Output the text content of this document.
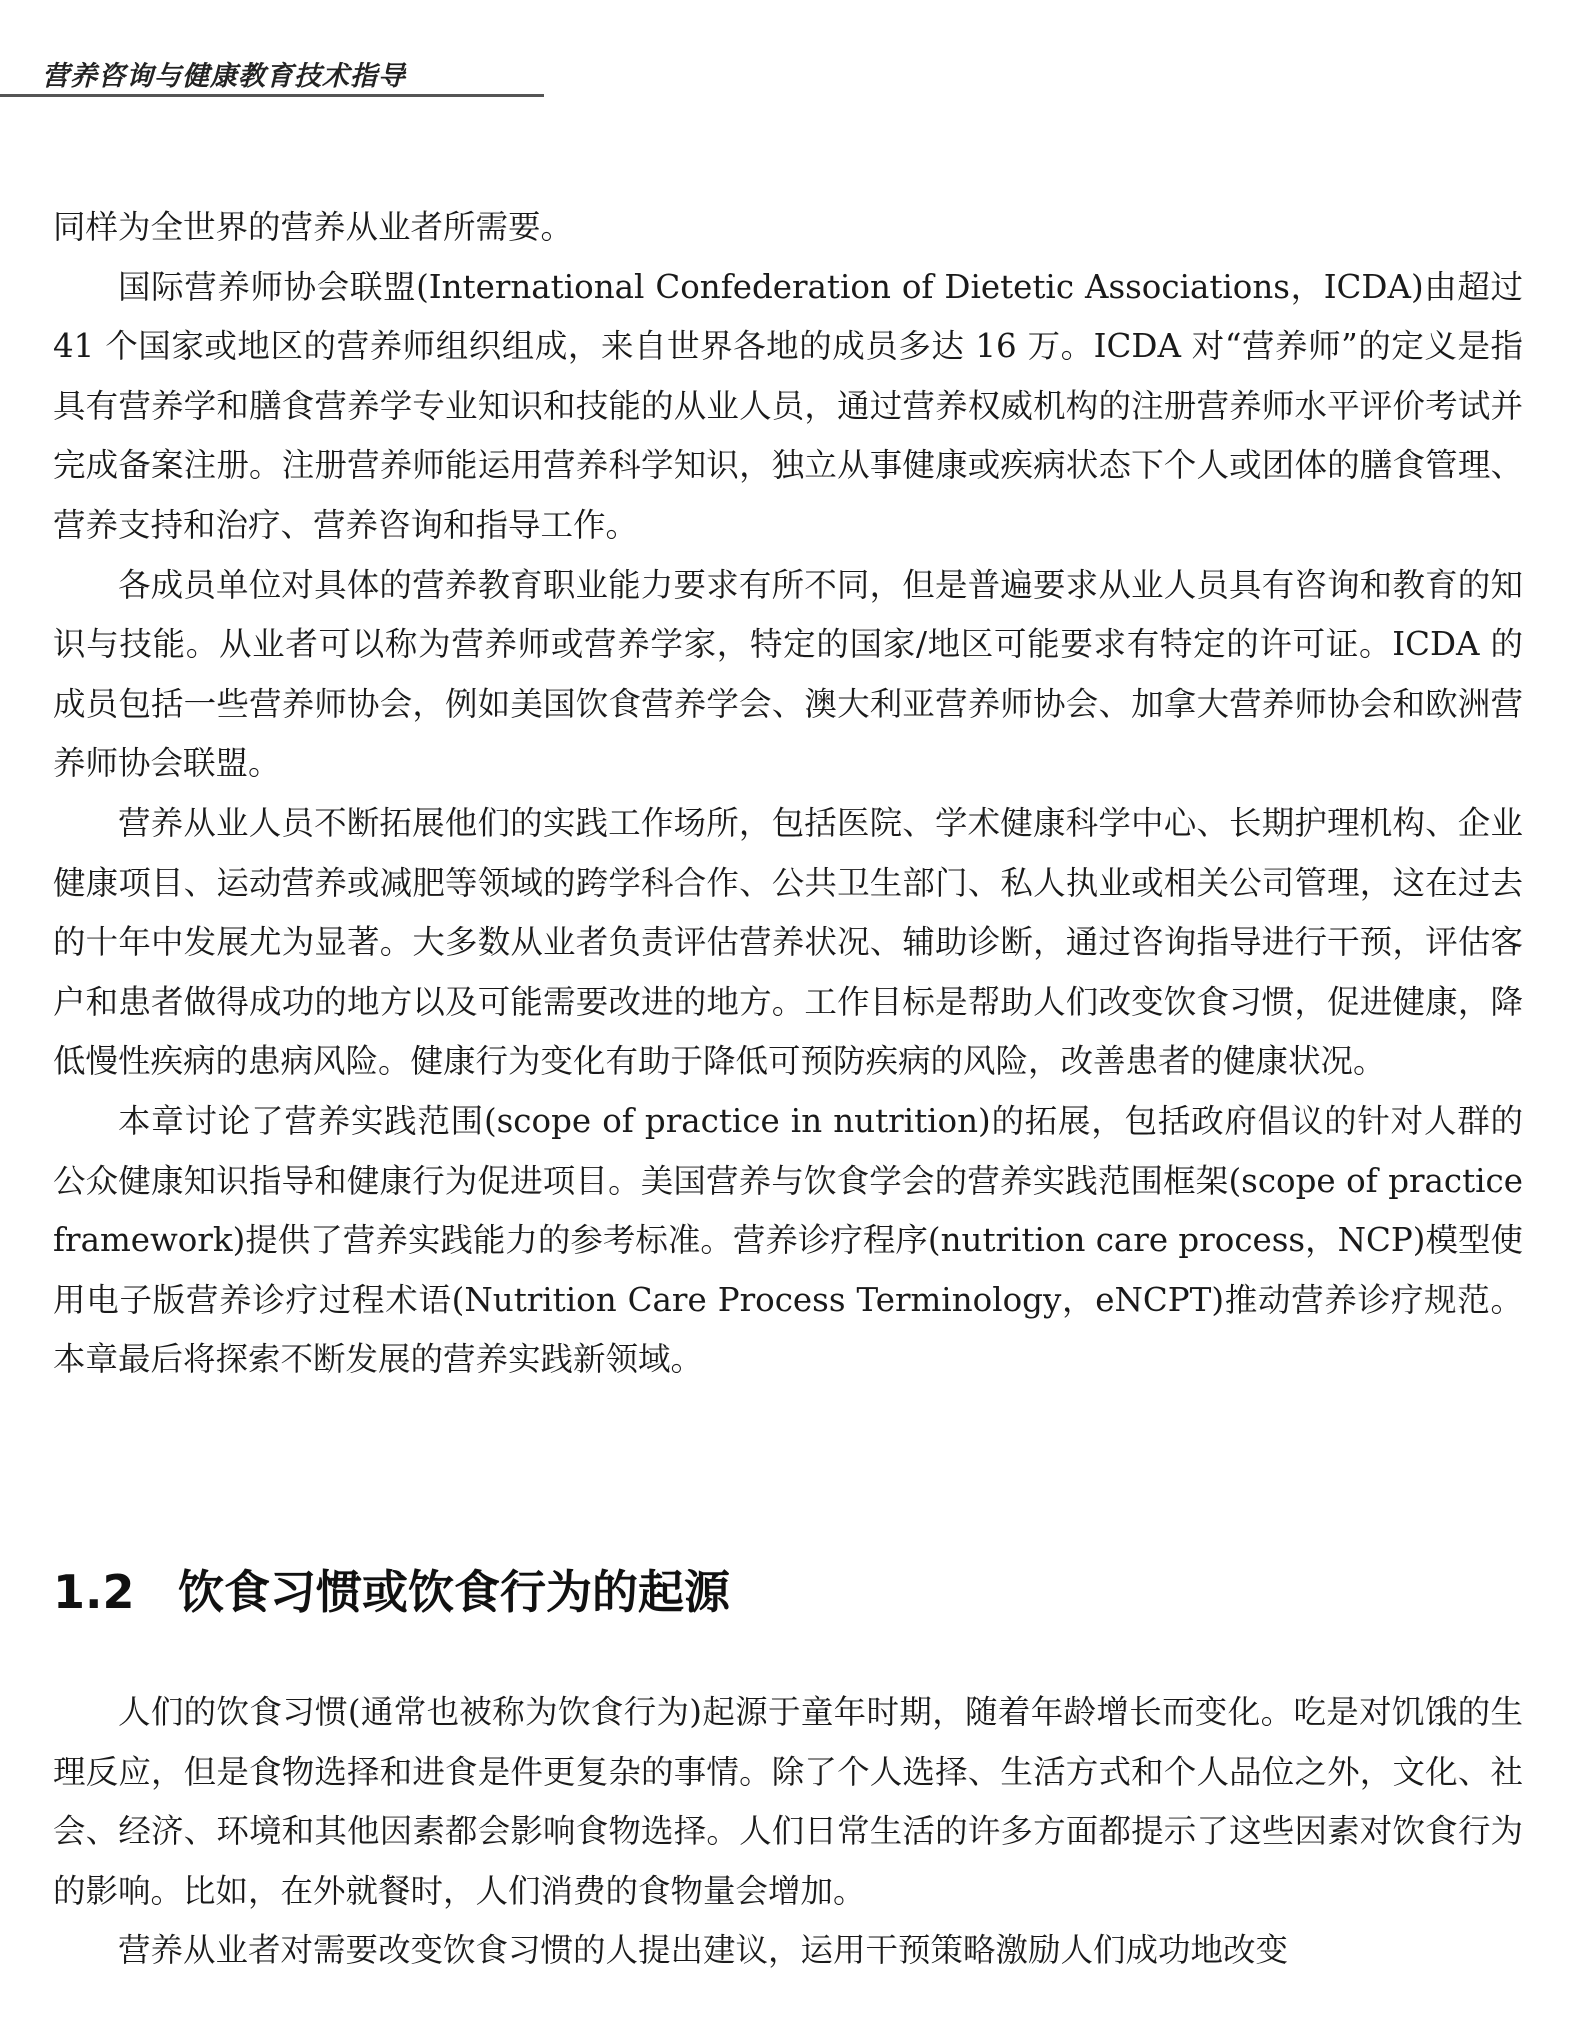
营养咨询与健康教育技术指导

同样为全世界的营养从业者所需要。

国际营养师协会联盟(International Confederation of Dietetic Associations，ICDA)由超过 41 个国家或地区的营养师组织组成，来自世界各地的成员多达 16 万。ICDA 对“营养师”的定义是指具有营养学和膳食营养学专业知识和技能的从业人员，通过营养权威机构的注册营养师水平评价考试并完成备案注册。注册营养师能运用营养科学知识，独立从事健康或疾病状态下个人或团体的膳食管理、营养支持和治疗、营养咨询和指导工作。

各成员单位对具体的营养教育职业能力要求有所不同，但是普遍要求从业人员具有咨询和教育的知识与技能。从业者可以称为营养师或营养学家，特定的国家/地区可能要求有特定的许可证。ICDA 的成员包括一些营养师协会，例如美国饮食营养学会、澳大利亚营养师协会、加拿大营养师协会和欧洲营养师协会联盟。

营养从业人员不断拓展他们的实践工作场所，包括医院、学术健康科学中心、长期护理机构、企业健康项目、运动营养或减肥等领域的跨学科合作、公共卫生部门、私人执业或相关公司管理，这在过去的十年中发展尤为显著。大多数从业者负责评估营养状况、辅助诊断，通过咨询指导进行干预，评估客户和患者做得成功的地方以及可能需要改进的地方。工作目标是帮助人们改变饮食习惯，促进健康，降低慢性疾病的患病风险。健康行为变化有助于降低可预防疾病的风险，改善患者的健康状况。

本章讨论了营养实践范围(scope of practice in nutrition)的拓展，包括政府倡议的针对人群的公众健康知识指导和健康行为促进项目。美国营养与饮食学会的营养实践范围框架(scope of practice framework)提供了营养实践能力的参考标准。营养诊疗程序(nutrition care process，NCP)模型使用电子版营养诊疗过程术语(Nutrition Care Process Terminology，eNCPT)推动营养诊疗规范。本章最后将探索不断发展的营养实践新领域。

1.2 饮食习惯或饮食行为的起源

人们的饮食习惯(通常也被称为饮食行为)起源于童年时期，随着年龄增长而变化。吃是对饥饿的生理反应，但是食物选择和进食是件更复杂的事情。除了个人选择、生活方式和个人品位之外，文化、社会、经济、环境和其他因素都会影响食物选择。人们日常生活的许多方面都提示了这些因素对饮食行为的影响。比如，在外就餐时，人们消费的食物量会增加。

营养从业者对需要改变饮食习惯的人提出建议，运用干预策略激励人们成功地改变
